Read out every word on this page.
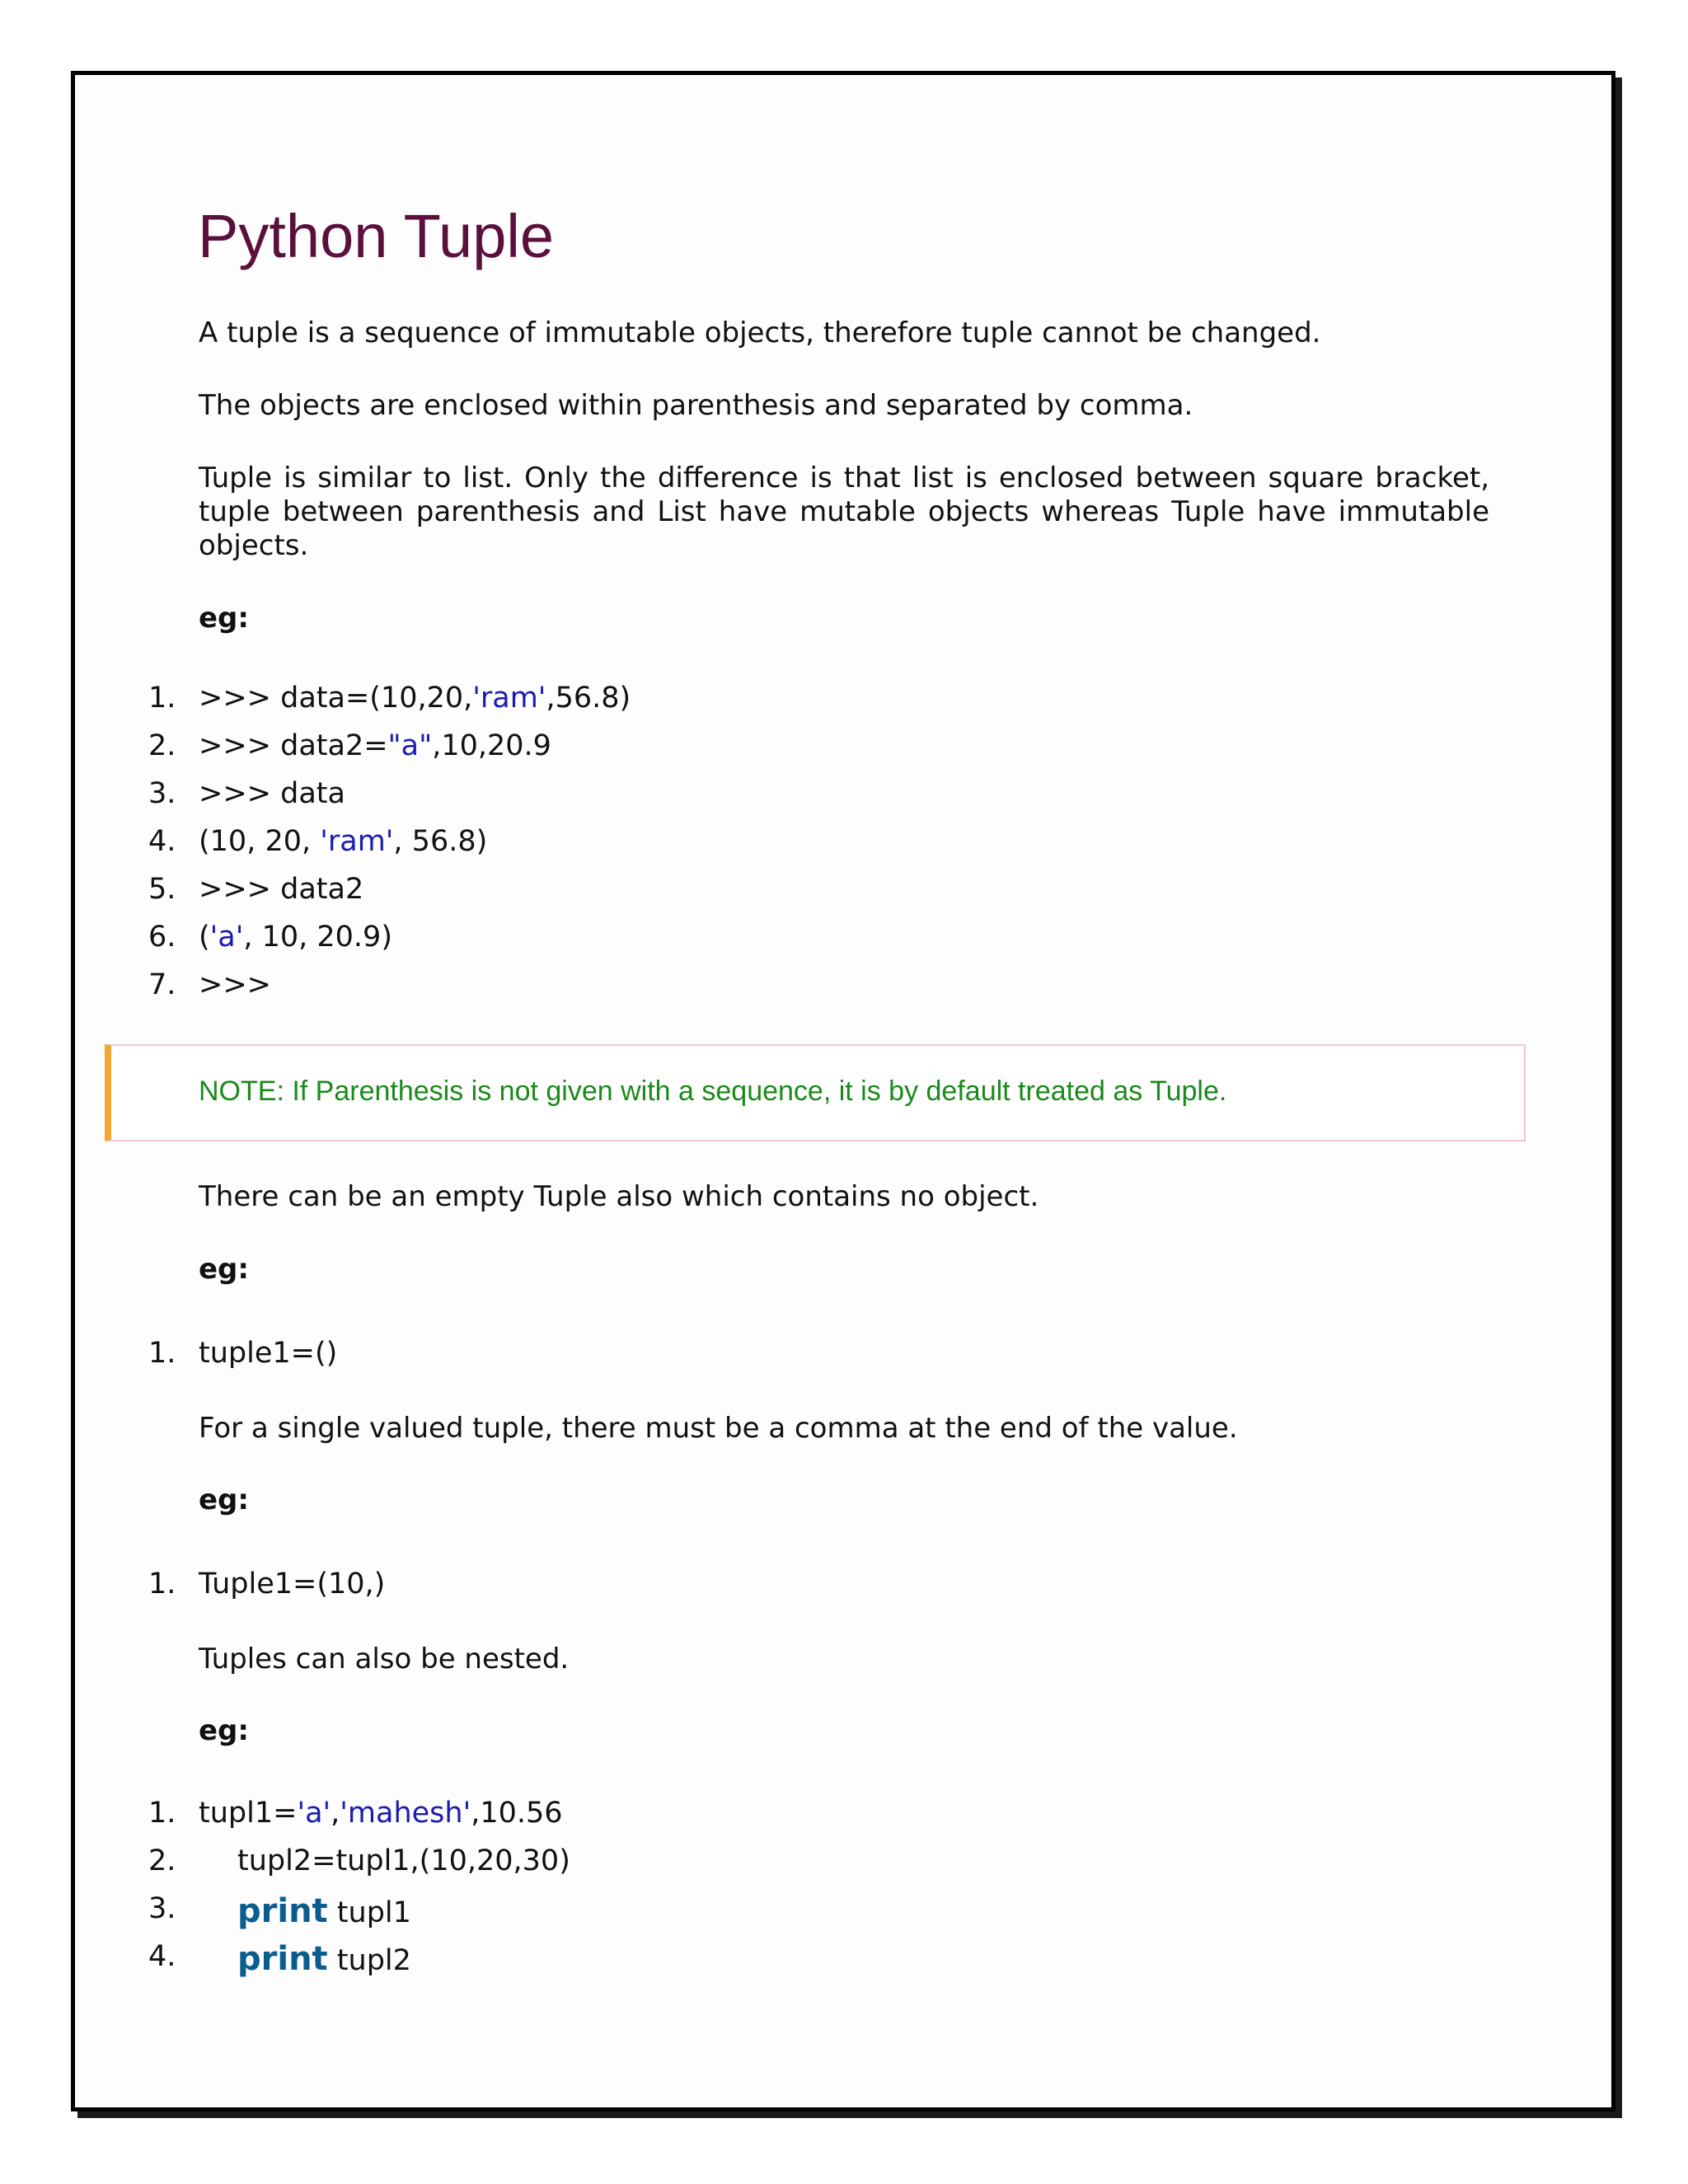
Python Tuple
A tuple is a sequence of immutable objects, therefore tuple cannot be changed.
The objects are enclosed within parenthesis and separated by comma.
Tuple is similar to list. Only the difference is that list is enclosed between square bracket, tuple between parenthesis and List have mutable objects whereas Tuple have immutable objects.
eg:
1. >>> data=(10,20,'ram',56.8)
2. >>> data2="a",10,20.9
3. >>> data
4. (10, 20, 'ram', 56.8)
5. >>> data2
6. ('a', 10, 20.9)
7. >>>
NOTE: If Parenthesis is not given with a sequence, it is by default treated as Tuple.
There can be an empty Tuple also which contains no object.
eg:
1. tuple1=()
For a single valued tuple, there must be a comma at the end of the value.
eg:
1. Tuple1=(10,)
Tuples can also be nested.
eg:
1. tupl1='a','mahesh',10.56
2. tupl2=tupl1,(10,20,30)
3. print tupl1
4. print tupl2
